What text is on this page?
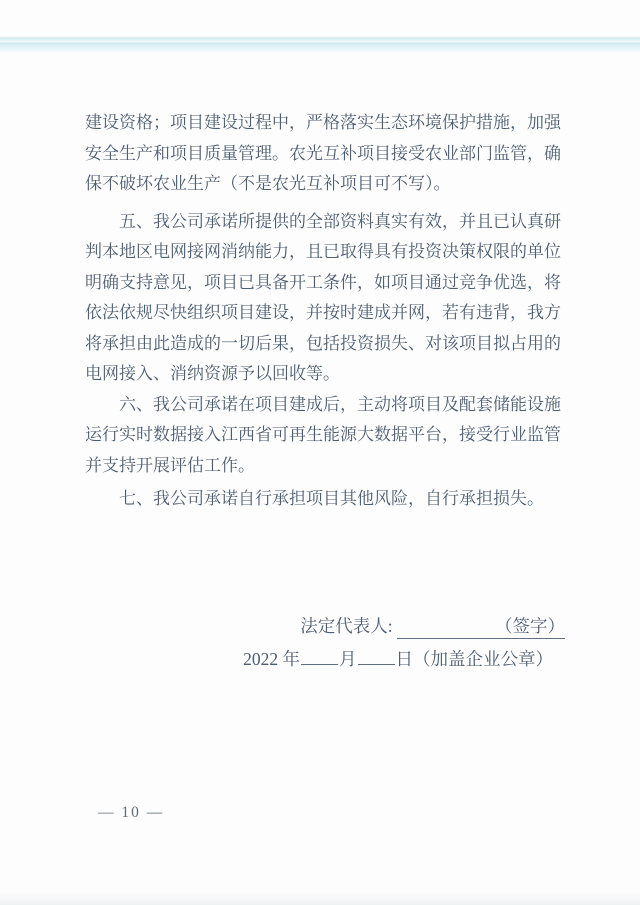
建设资格；项目建设过程中，严格落实生态环境保护措施，加强
安全生产和项目质量管理。农光互补项目接受农业部门监管，确
保不破坏农业生产（不是农光互补项目可不写）。
五、我公司承诺所提供的全部资料真实有效，并且已认真研
判本地区电网接网消纳能力，且已取得具有投资决策权限的单位
明确支持意见，项目已具备开工条件，如项目通过竞争优选，将
依法依规尽快组织项目建设，并按时建成并网，若有违背，我方
将承担由此造成的一切后果，包括投资损失、对该项目拟占用的
电网接入、消纳资源予以回收等。
六、我公司承诺在项目建成后，主动将项目及配套储能设施
运行实时数据接入江西省可再生能源大数据平台，接受行业监管
并支持开展评估工作。
七、我公司承诺自行承担项目其他风险，自行承担损失。
法定代表人:	（签字）
2022 年 月 日（加盖企业公章）
— 10 —
